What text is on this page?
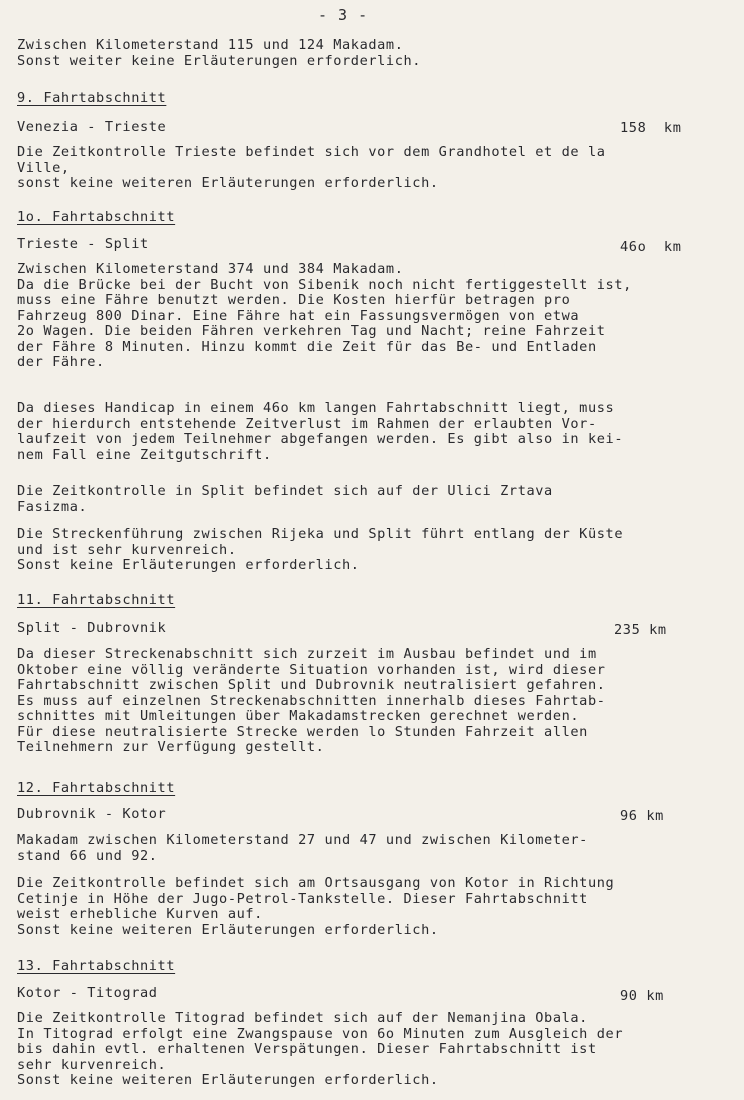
- 3 -
Zwischen Kilometerstand 115 und 124 Makadam.
Sonst weiter keine Erläuterungen erforderlich.
9. Fahrtabschnitt
Venezia - Trieste	158  km
Die Zeitkontrolle Trieste befindet sich vor dem Grandhotel et de la
Ville,
sonst keine weiteren Erläuterungen erforderlich.
1o. Fahrtabschnitt
Trieste - Split	46o  km
Zwischen Kilometerstand 374 und 384 Makadam.
Da die Brücke bei der Bucht von Sibenik noch nicht fertiggestellt ist,
muss eine Fähre benutzt werden. Die Kosten hierfür betragen pro
Fahrzeug 800 Dinar. Eine Fähre hat ein Fassungsvermögen von etwa
2o Wagen. Die beiden Fähren verkehren Tag und Nacht; reine Fahrzeit
der Fähre 8 Minuten. Hinzu kommt die Zeit für das Be- und Entladen
der Fähre.
Da dieses Handicap in einem 46o km langen Fahrtabschnitt liegt, muss
der hierdurch entstehende Zeitverlust im Rahmen der erlaubten Vor-
laufzeit von jedem Teilnehmer abgefangen werden. Es gibt also in kei-
nem Fall eine Zeitgutschrift.
Die Zeitkontrolle in Split befindet sich auf der Ulici Zrtava
Fasizma.
Die Streckenführung zwischen Rijeka und Split führt entlang der Küste
und ist sehr kurvenreich.
Sonst keine Erläuterungen erforderlich.
11. Fahrtabschnitt
Split - Dubrovnik	235 km
Da dieser Streckenabschnitt sich zurzeit im Ausbau befindet und im
Oktober eine völlig veränderte Situation vorhanden ist, wird dieser
Fahrtabschnitt zwischen Split und Dubrovnik neutralisiert gefahren.
Es muss auf einzelnen Streckenabschnitten innerhalb dieses Fahrtab-
schnittes mit Umleitungen über Makadamstrecken gerechnet werden.
Für diese neutralisierte Strecke werden lo Stunden Fahrzeit allen
Teilnehmern zur Verfügung gestellt.
12. Fahrtabschnitt
Dubrovnik - Kotor	96 km
Makadam zwischen Kilometerstand 27 und 47 und zwischen Kilometer-
stand 66 und 92.
Die Zeitkontrolle befindet sich am Ortsausgang von Kotor in Richtung
Cetinje in Höhe der Jugo-Petrol-Tankstelle. Dieser Fahrtabschnitt
weist erhebliche Kurven auf.
Sonst keine weiteren Erläuterungen erforderlich.
13. Fahrtabschnitt
Kotor - Titograd	90 km
Die Zeitkontrolle Titograd befindet sich auf der Nemanjina Obala.
In Titograd erfolgt eine Zwangspause von 6o Minuten zum Ausgleich der
bis dahin evtl. erhaltenen Verspätungen. Dieser Fahrtabschnitt ist
sehr kurvenreich.
Sonst keine weiteren Erläuterungen erforderlich.
